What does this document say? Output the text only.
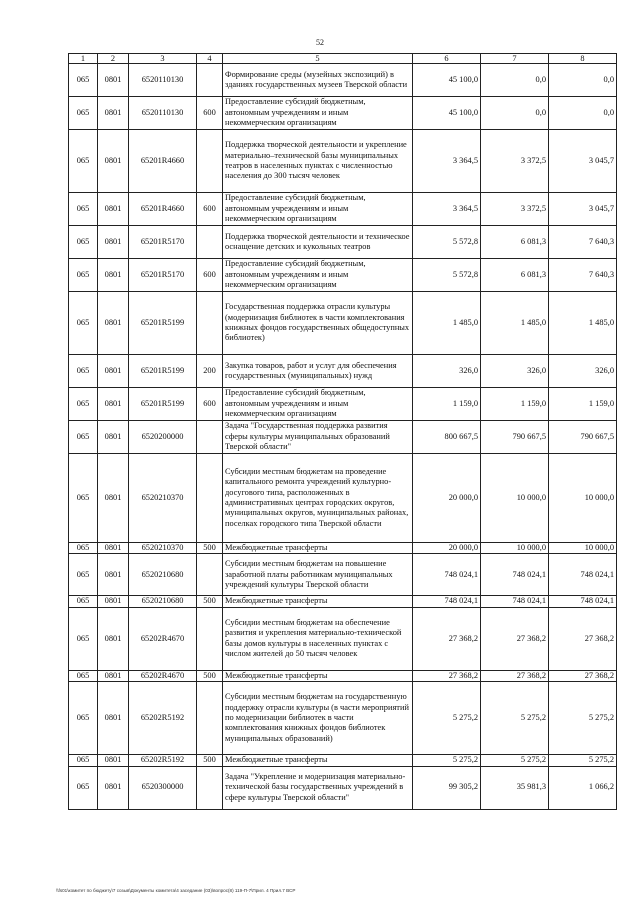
52
1	2	3	4	5	6	7	8
065	0801	6520110130		Формирование среды (музейных экспозиций) в зданиях государственных музеев Тверской области	45 100,0	0,0	0,0
065	0801	6520110130	600	Предоставление субсидий бюджетным, автономным учреждениям и иным некоммерческим организациям	45 100,0	0,0	0,0
065	0801	65201R4660		Поддержка творческой деятельности и укрепление материально–технической базы муниципальных театров в населенных пунктах с численностью населения до 300 тысяч человек	3 364,5	3 372,5	3 045,7
065	0801	65201R4660	600	Предоставление субсидий бюджетным, автономным учреждениям и иным некоммерческим организациям	3 364,5	3 372,5	3 045,7
065	0801	65201R5170		Поддержка творческой деятельности и техническое оснащение детских и кукольных театров	5 572,8	6 081,3	7 640,3
065	0801	65201R5170	600	Предоставление субсидий бюджетным, автономным учреждениям и иным некоммерческим организациям	5 572,8	6 081,3	7 640,3
065	0801	65201R5199		Государственная поддержка отрасли культуры (модернизация библиотек в части комплектования книжных фондов государственных общедоступных библиотек)	1 485,0	1 485,0	1 485,0
065	0801	65201R5199	200	Закупка товаров, работ и услуг для обеспечения государственных (муниципальных) нужд	326,0	326,0	326,0
065	0801	65201R5199	600	Предоставление субсидий бюджетным, автономным учреждениям и иным некоммерческим организациям	1 159,0	1 159,0	1 159,0
065	0801	6520200000		Задача "Государственная поддержка развития сферы культуры муниципальных образований Тверской области"	800 667,5	790 667,5	790 667,5
065	0801	6520210370		Субсидии местным бюджетам на проведение капитального ремонта учреждений культурно-досугового типа, расположенных в административных центрах городских округов, муниципальных округов, муниципальных районах, поселках городского типа Тверской области	20 000,0	10 000,0	10 000,0
065	0801	6520210370	500	Межбюджетные трансферты	20 000,0	10 000,0	10 000,0
065	0801	6520210680		Субсидии местным бюджетам на повышение заработной платы работникам муниципальных учреждений культуры Тверской области	748 024,1	748 024,1	748 024,1
065	0801	6520210680	500	Межбюджетные трансферты	748 024,1	748 024,1	748 024,1
065	0801	65202R4670		Субсидии местным бюджетам на обеспечение развития и укрепления материально-технической базы домов культуры в населенных пунктах с числом жителей до 50 тысяч человек	27 368,2	27 368,2	27 368,2
065	0801	65202R4670	500	Межбюджетные трансферты	27 368,2	27 368,2	27 368,2
065	0801	65202R5192		Субсидии местным бюджетам на государственную поддержку отрасли культуры (в части мероприятий по модернизации библиотек в части комплектования книжных фондов библиотек муниципальных образований)	5 275,2	5 275,2	5 275,2
065	0801	65202R5192	500	Межбюджетные трансферты	5 275,2	5 275,2	5 275,2
065	0801	6520300000		Задача "Укрепление и модернизация материально-технической базы государственных учреждений в сфере культуры Тверской области"	99 305,2	35 981,3	1 066,2
\\fs01\комитет по бюджету\7 созыв\Документы комитета\4 заседание (03)\вопрос(8) 119-П-7\Прил. 4 Прил.7 ВСР
